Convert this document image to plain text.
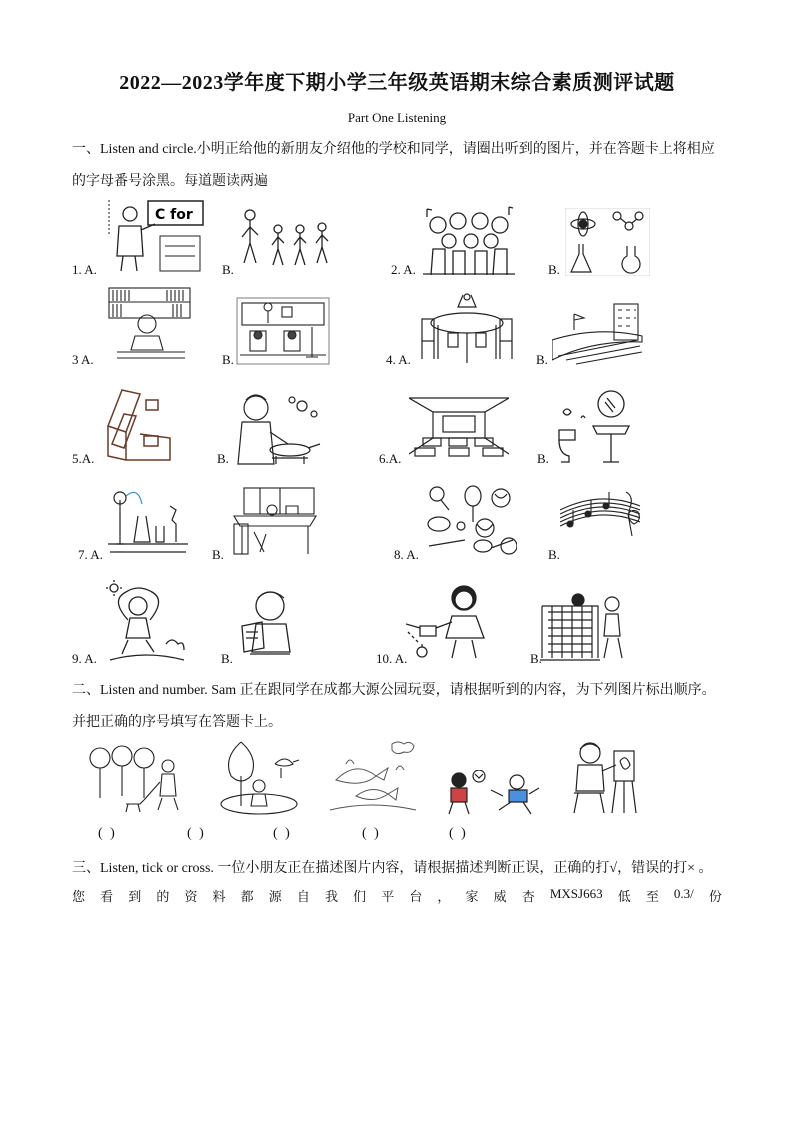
2022—2023学年度下期小学三年级英语期末综合素质测评试题
Part One Listening
一、Listen and circle.小明正给他的新朋友介绍他的学校和同学，请圈出听到的图片，并在答题卡上将相应
的字母番号涂黑。每道题读两遍
1. A.
C for
B.	2. A.	B.
3 A.	B.	4. A.	B.
5.A.	B.	6.A.	B.
7. A.	B.	8. A.	B.
9. A.	B.	10. A.	B.
二、Listen and number. Sam 正在跟同学在成都大源公园玩耍，请根据听到的内容，为下列图片标出顺序。
并把正确的序号填写在答题卡上。
( )	( )	( )	( )	( )
三、Listen, tick or cross. 一位小朋友正在描述图片内容，请根据描述判断正误，正确的打√，错误的打× 。
您 看 到 的 资 料 都 源 自 我 们 平 台 ， 家 威 杏 MXSJ663 低 至 0.3/ 份
